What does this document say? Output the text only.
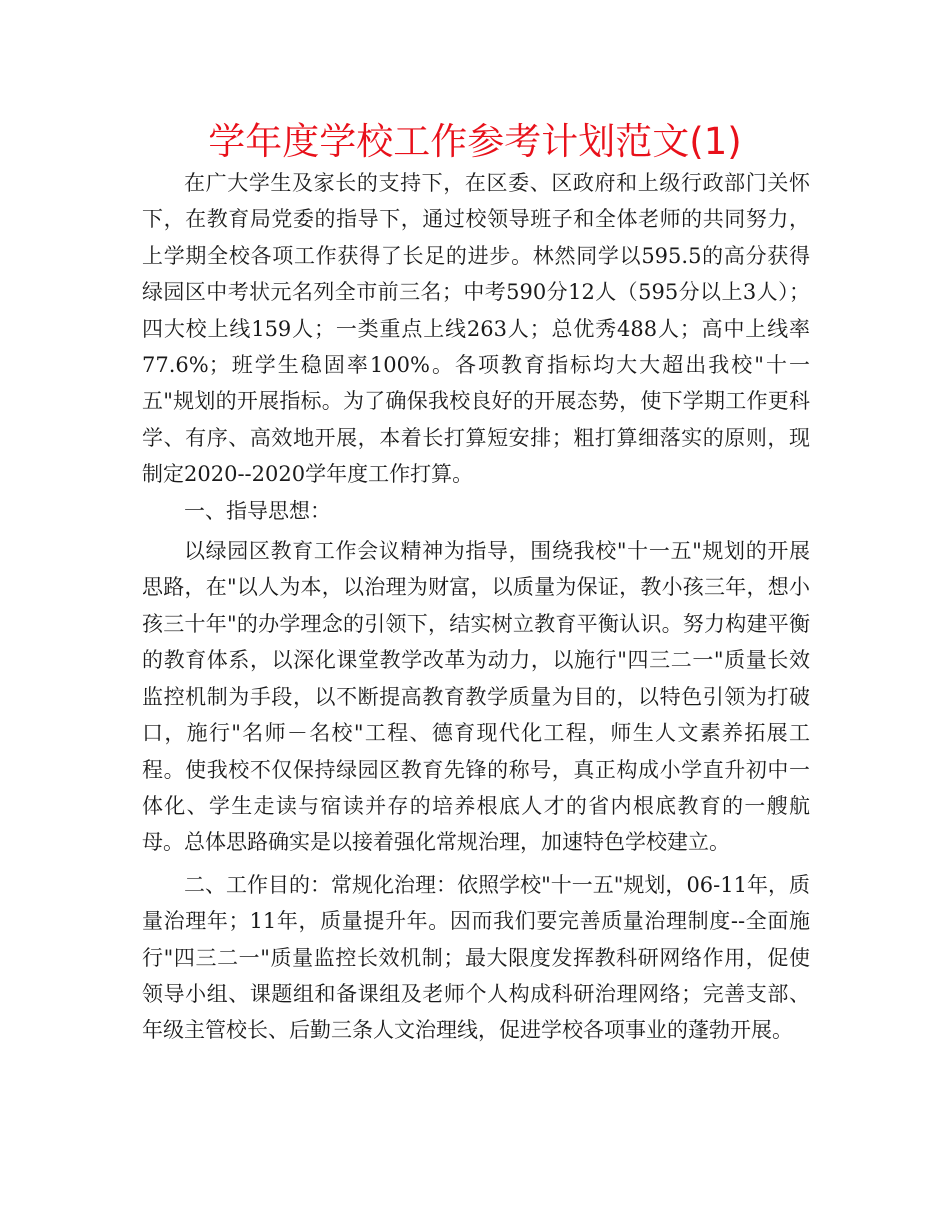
学年度学校工作参考计划范文(1)

在广大学生及家长的支持下，在区委、区政府和上级行政部门关怀下，在教育局党委的指导下，通过校领导班子和全体老师的共同努力，上学期全校各项工作获得了长足的进步。林然同学以595.5的高分获得绿园区中考状元名列全市前三名；中考590分12人（595分以上3人）；四大校上线159人；一类重点上线263人；总优秀488人；高中上线率77.6%；班学生稳固率100%。各项教育指标均大大超出我校"十一五"规划的开展指标。为了确保我校良好的开展态势，使下学期工作更科学、有序、高效地开展，本着长打算短安排；粗打算细落实的原则，现制定2020--2020学年度工作打算。

一、指导思想：

以绿园区教育工作会议精神为指导，围绕我校"十一五"规划的开展思路，在"以人为本，以治理为财富，以质量为保证，教小孩三年，想小孩三十年"的办学理念的引领下，结实树立教育平衡认识。努力构建平衡的教育体系，以深化课堂教学改革为动力，以施行"四三二一"质量长效监控机制为手段，以不断提高教育教学质量为目的，以特色引领为打破口，施行"名师－名校"工程、德育现代化工程，师生人文素养拓展工程。使我校不仅保持绿园区教育先锋的称号，真正构成小学直升初中一体化、学生走读与宿读并存的培养根底人才的省内根底教育的一艘航母。总体思路确实是以接着强化常规治理，加速特色学校建立。

二、工作目的：常规化治理：依照学校"十一五"规划，06-11年，质量治理年；11年，质量提升年。因而我们要完善质量治理制度--全面施行"四三二一"质量监控长效机制；最大限度发挥教科研网络作用，促使领导小组、课题组和备课组及老师个人构成科研治理网络；完善支部、年级主管校长、后勤三条人文治理线，促进学校各项事业的蓬勃开展。
